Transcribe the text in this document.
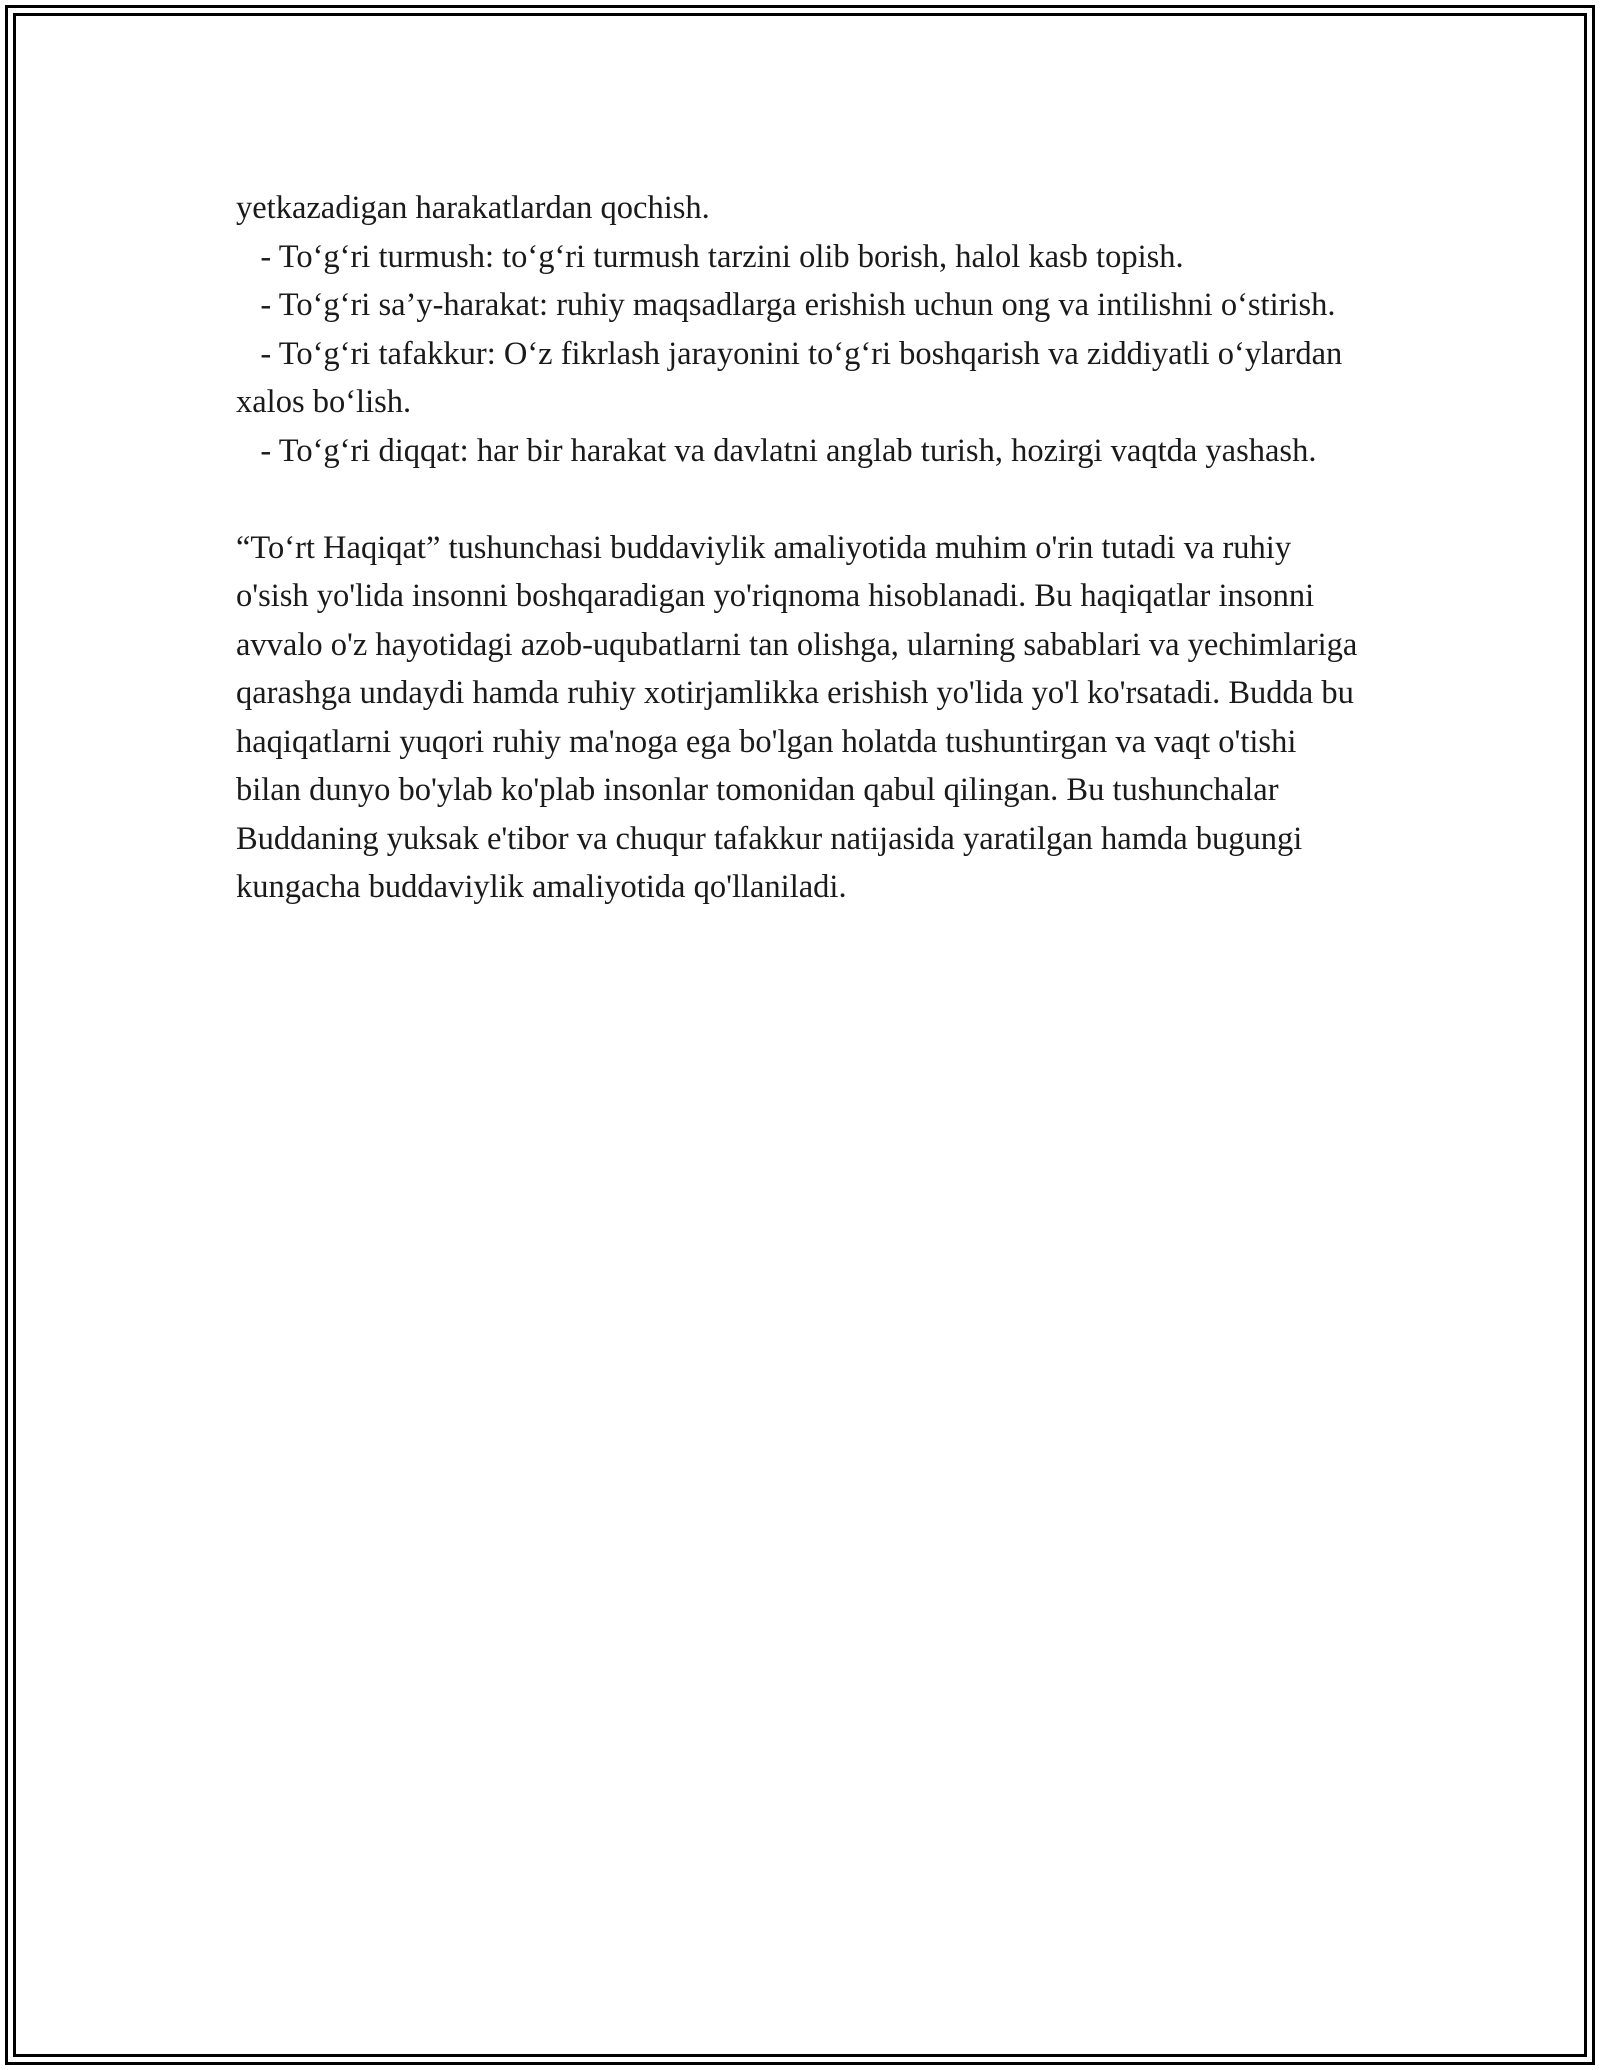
yetkazadigan harakatlardan qochish.

- To‘g‘ri turmush: to‘g‘ri turmush tarzini olib borish, halol kasb topish.

- To‘g‘ri sa’y-harakat: ruhiy maqsadlarga erishish uchun ong va intilishni o‘stirish.

- To‘g‘ri tafakkur: O‘z fikrlash jarayonini to‘g‘ri boshqarish va ziddiyatli o‘ylardan xalos bo‘lish.

- To‘g‘ri diqqat: har bir harakat va davlatni anglab turish, hozirgi vaqtda yashash.

“To‘rt Haqiqat” tushunchasi buddaviylik amaliyotida muhim o'rin tutadi va ruhiy o'sish yo'lida insonni boshqaradigan yo'riqnoma hisoblanadi. Bu haqiqatlar insonni avvalo o'z hayotidagi azob-uqubatlarni tan olishga, ularning sabablari va yechimlariga qarashga undaydi hamda ruhiy xotirjamlikka erishish yo'lida yo'l ko'rsatadi. Budda bu haqiqatlarni yuqori ruhiy ma'noga ega bo'lgan holatda tushuntirgan va vaqt o'tishi bilan dunyo bo'ylab ko'plab insonlar tomonidan qabul qilingan. Bu tushunchalar Buddaning yuksak e'tibor va chuqur tafakkur natijasida yaratilgan hamda bugungi kungacha buddaviylik amaliyotida qo'llaniladi.
